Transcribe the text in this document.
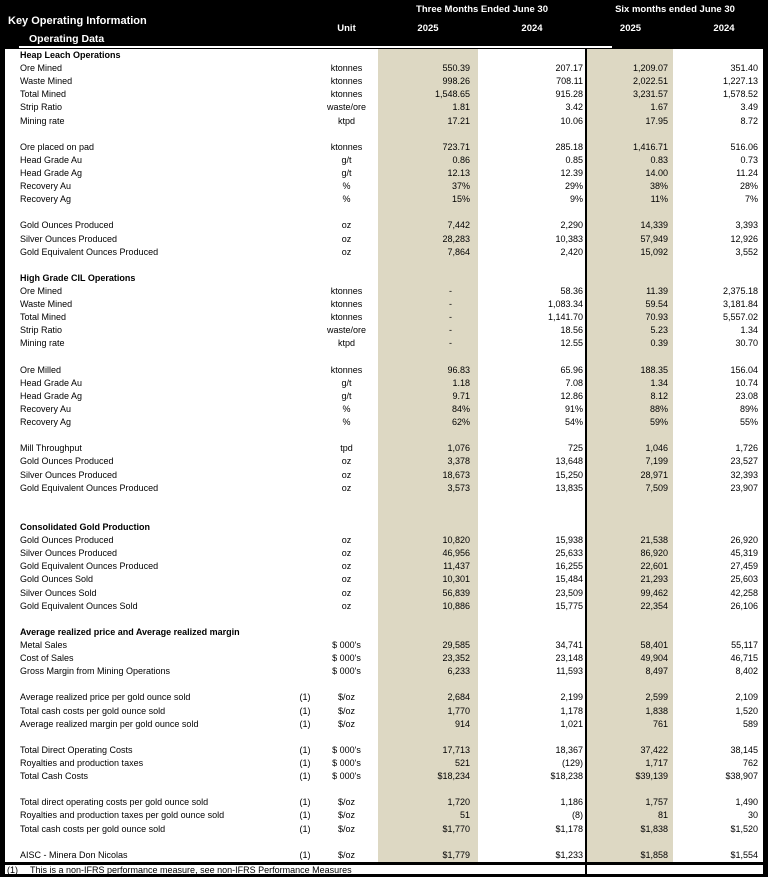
Key Operating Information
Operating Data
Three Months Ended June 30	Six months ended June 30
Unit	2025	2024	2025	2024
Heap Leach Operations
Ore Mined	ktonnes	550.39	207.17	1,209.07	351.40
Waste Mined	ktonnes	998.26	708.11	2,022.51	1,227.13
Total Mined	ktonnes	1,548.65	915.28	3,231.57	1,578.52
Strip Ratio	waste/ore	1.81	3.42	1.67	3.49
Mining rate	ktpd	17.21	10.06	17.95	8.72
Ore placed on pad	ktonnes	723.71	285.18	1,416.71	516.06
Head Grade Au	g/t	0.86	0.85	0.83	0.73
Head Grade Ag	g/t	12.13	12.39	14.00	11.24
Recovery Au	%	37%	29%	38%	28%
Recovery Ag	%	15%	9%	11%	7%
Gold Ounces Produced	oz	7,442	2,290	14,339	3,393
Silver Ounces Produced	oz	28,283	10,383	57,949	12,926
Gold Equivalent Ounces Produced	oz	7,864	2,420	15,092	3,552
High Grade CIL Operations
Ore Mined	ktonnes	-	58.36	11.39	2,375.18
Waste Mined	ktonnes	-	1,083.34	59.54	3,181.84
Total Mined	ktonnes	-	1,141.70	70.93	5,557.02
Strip Ratio	waste/ore	-	18.56	5.23	1.34
Mining rate	ktpd	-	12.55	0.39	30.70
Ore Milled	ktonnes	96.83	65.96	188.35	156.04
Head Grade Au	g/t	1.18	7.08	1.34	10.74
Head Grade Ag	g/t	9.71	12.86	8.12	23.08
Recovery Au	%	84%	91%	88%	89%
Recovery Ag	%	62%	54%	59%	55%
Mill Throughput	tpd	1,076	725	1,046	1,726
Gold Ounces Produced	oz	3,378	13,648	7,199	23,527
Silver Ounces Produced	oz	18,673	15,250	28,971	32,393
Gold Equivalent Ounces Produced	oz	3,573	13,835	7,509	23,907
Consolidated Gold Production
Gold Ounces Produced	oz	10,820	15,938	21,538	26,920
Silver Ounces Produced	oz	46,956	25,633	86,920	45,319
Gold Equivalent Ounces Produced	oz	11,437	16,255	22,601	27,459
Gold Ounces Sold	oz	10,301	15,484	21,293	25,603
Silver Ounces Sold	oz	56,839	23,509	99,462	42,258
Gold Equivalent Ounces Sold	oz	10,886	15,775	22,354	26,106
Average realized price and Average realized margin
Metal Sales	$ 000's	29,585	34,741	58,401	55,117
Cost of Sales	$ 000's	23,352	23,148	49,904	46,715
Gross Margin from Mining Operations	$ 000's	6,233	11,593	8,497	8,402
Average realized price per gold ounce sold	(1)	$/oz	2,684	2,199	2,599	2,109
Total cash costs per gold ounce sold	(1)	$/oz	1,770	1,178	1,838	1,520
Average realized margin per gold ounce sold	(1)	$/oz	914	1,021	761	589
Total Direct Operating Costs	(1)	$ 000's	17,713	18,367	37,422	38,145
Royalties and production taxes	(1)	$ 000's	521	(129)	1,717	762
Total Cash Costs	(1)	$ 000's	$18,234	$18,238	$39,139	$38,907
Total direct operating costs per gold ounce sold	(1)	$/oz	1,720	1,186	1,757	1,490
Royalties and production taxes per gold ounce sold	(1)	$/oz	51	(8)	81	30
Total cash costs per gold ounce sold	(1)	$/oz	$1,770	$1,178	$1,838	$1,520
AISC - Minera Don Nicolas	(1)	$/oz	$1,779	$1,233	$1,858	$1,554
(1) This is a non-IFRS performance measure, see non-IFRS Performance Measures
